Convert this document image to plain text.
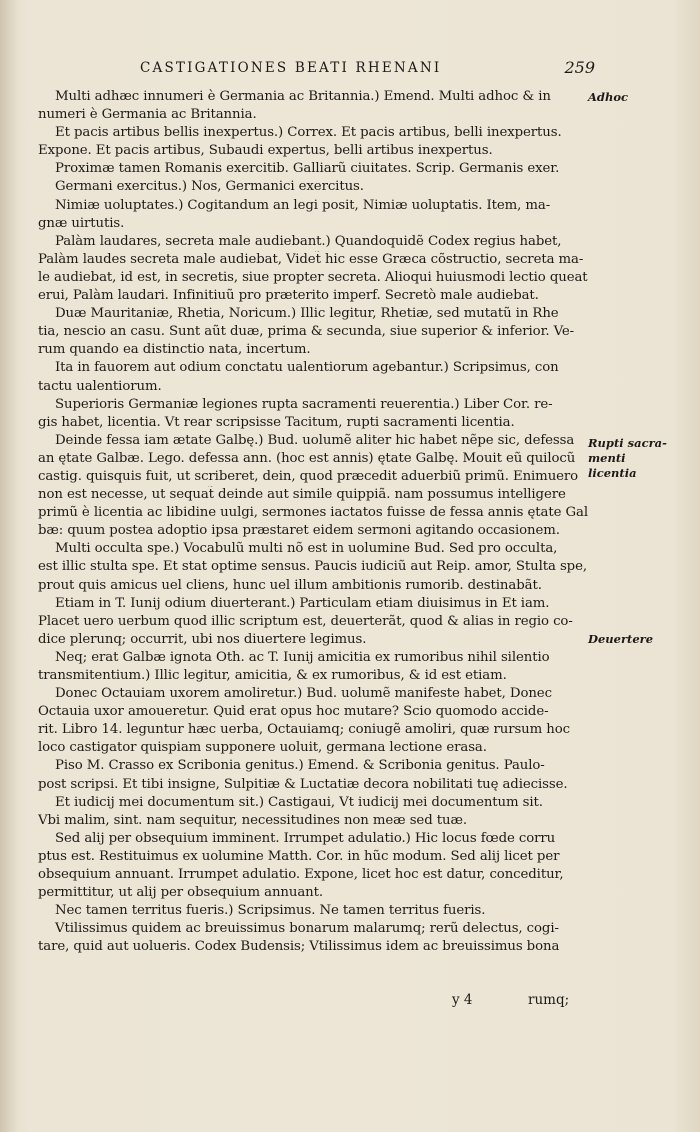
CASTIGATIONES BEATI RHENANI	259
Multi adhæc innumeri è Germania ac Britannia.) Emend. Multi adhoc & in
numeri è Germania ac Britannia.
Et pacis artibus bellis inexpertus.) Correx. Et pacis artibus, belli inexpertus.
Expone. Et pacis artibus, Subaudi expertus, belli artibus inexpertus.
Proximæ tamen Romanis exercitib. Galliarũ ciuitates. Scrip. Germanis exer.
Germani exercitus.) Nos, Germanici exercitus.
Nimiæ uoluptates.) Cogitandum an legi posit, Nimiæ uoluptatis. Item, ma-
gnæ uirtutis.
Palàm laudares, secreta male audiebant.) Quandoquidẽ Codex regius habet,
Palàm laudes secreta male audiebat, Videt̃ hic esse Græca cõstructio, secreta ma-
le audiebat, id est, in secretis, siue propter secreta. Alioqui huiusmodi lectio queat
erui, Palàm laudari. Infinitiuũ pro præterito imperf. Secretò male audiebat.
Duæ Mauritaniæ, Rhetia, Noricum.) Illic legitur, Rhetiæ, sed mutatũ in Rhe
tia, nescio an casu. Sunt aũt duæ, prima & secunda, siue superior & inferior. Ve-
rum quando ea distinctio nata, incertum.
Ita in fauorem aut odium conctatu ualentiorum agebantur.) Scripsimus, con
tactu ualentiorum.
Superioris Germaniæ legiones rupta sacramenti reuerentia.) Liber Cor. re-
gis habet, licentia. Vt rear scripsisse Tacitum, rupti sacramenti licentia.
Deinde fessa iam ætate Galbę.) Bud. uolumẽ aliter hic habet nẽpe sic, defessa
an ętate Galbæ. Lego. defessa ann. (hoc est annis) ętate Galbę. Mouit eũ quilocũ
castig. quisquis fuit, ut scriberet, dein, quod præcedit aduerbiũ primũ. Enimuero
non est necesse, ut sequat̃ deinde aut simile quippiã. nam possumus intelligere
primũ è licentia ac libidine uulgi, sermones iactatos fuisse de fessa annis ętate Gal
bæ: quum postea adoptio ipsa præstaret eidem sermoni agitando occasionem.
Multi occulta spe.) Vocabulũ multi nõ est in uolumine Bud. Sed pro occulta,
est illic stulta spe. Et stat optime sensus. Paucis iudiciũ aut Reip. amor, Stulta spe,
prout quis amicus uel cliens, hunc uel illum ambitionis rumorib. destinabãt.
Etiam in T. Iunij odium diuerterant.) Particulam etiam diuisimus in Et iam.
Placet uero uerbum quod illic scriptum est, deuerterãt, quod & alias in regio co-
dice plerunq; occurrit, ubi nos diuertere legimus.
Neq; erat Galbæ ignota Oth. ac T. Iunij amicitia ex rumoribus nihil silentio
transmitentium.) Illic legitur, amicitia, & ex rumoribus, & id est etiam.
Donec Octauiam uxorem amoliretur.) Bud. uolumẽ manifeste habet, Donec
Octauia uxor amoueretur. Quid erat opus hoc mutare? Scio quomodo accide-
rit. Libro 14. leguntur hæc uerba, Octauiamq; coniugẽ amoliri, quæ rursum hoc
loco castigator quispiam supponere uoluit, germana lectione erasa.
Piso M. Crasso ex Scribonia genitus.) Emend. & Scribonia genitus. Paulo-
post scripsi. Et tibi insigne, Sulpitiæ & Luctatiæ decora nobilitati tuę adiecisse.
Et iudicij mei documentum sit.) Castigaui, Vt iudicij mei documentum sit.
Vbi malim, sint. nam sequitur, necessitudines non meæ sed tuæ.
Sed alij per obsequium imminent. Irrumpet adulatio.) Hic locus fœde corru
ptus est. Restituimus ex uolumine Matth. Cor. in hũc modum. Sed alij licet per
obsequium annuant. Irrumpet adulatio. Expone, licet hoc est datur, conceditur,
permittitur, ut alij per obsequium annuant.
Nec tamen territus fueris.) Scripsimus. Ne tamen territus fueris.
Vtilissimus quidem ac breuissimus bonarum malarumq; rerũ delectus, cogi-
tare, quid aut uolueris. Codex Budensis; Vtilissimus idem ac breuissimus bona
Adhoc
Rupti sacra- menti licentia
Deuertere
y 4	rumq;
